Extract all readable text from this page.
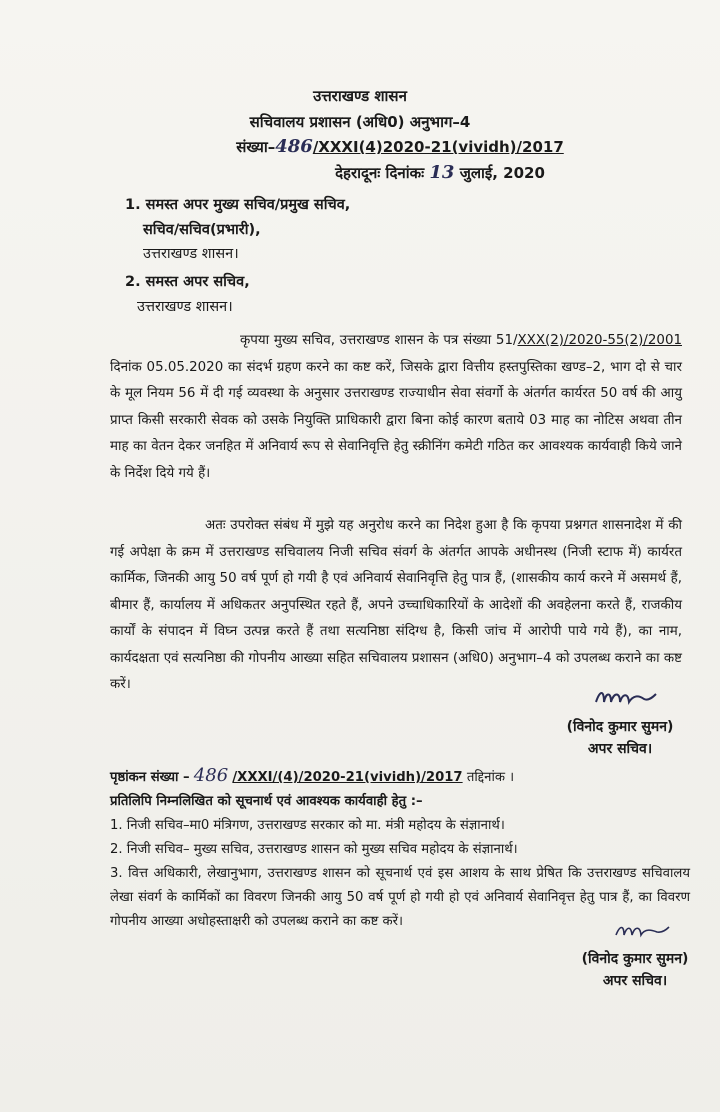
उत्तराखण्ड शासन
सचिवालय प्रशासन (अधि0) अनुभाग–4
संख्या–486/XXXI(4)2020-21(vividh)/2017
देहरादूनः दिनांकः 13 जुलाई, 2020
1. समस्त अपर मुख्य सचिव/प्रमुख सचिव,
सचिव/सचिव(प्रभारी),
उत्तराखण्ड शासन।
2. समस्त अपर सचिव,
उत्तराखण्ड शासन।
कृपया मुख्य सचिव, उत्तराखण्ड शासन के पत्र संख्या 51/XXX(2)/2020-55(2)/2001 दिनांक 05.05.2020 का संदर्भ ग्रहण करने का कष्ट करें, जिसके द्वारा वित्तीय हस्तपुस्तिका खण्ड–2, भाग दो से चार के मूल नियम 56 में दी गई व्यवस्था के अनुसार उत्तराखण्ड राज्याधीन सेवा संवर्गो के अंतर्गत कार्यरत 50 वर्ष की आयु प्राप्त किसी सरकारी सेवक को उसके नियुक्ति प्राधिकारी द्वारा बिना कोई कारण बताये 03 माह का नोटिस अथवा तीन माह का वेतन देकर जनहित में अनिवार्य रूप से सेवानिवृत्ति हेतु स्क्रीनिंग कमेटी गठित कर आवश्यक कार्यवाही किये जाने के निर्देश दिये गये हैं।
अतः उपरोक्त संबंध में मुझे यह अनुरोध करने का निदेश हुआ है कि कृपया प्रश्नगत शासनादेश में की गई अपेक्षा के क्रम में उत्तराखण्ड सचिवालय निजी सचिव संवर्ग के अंतर्गत आपके अधीनस्थ (निजी स्टाफ में) कार्यरत कार्मिक, जिनकी आयु 50 वर्ष पूर्ण हो गयी है एवं अनिवार्य सेवानिवृत्ति हेतु पात्र हैं, (शासकीय कार्य करने में असमर्थ हैं, बीमार हैं, कार्यालय में अधिकतर अनुपस्थित रहते हैं, अपने उच्चाधिकारियों के आदेशों की अवहेलना करते हैं, राजकीय कार्यों के संपादन में विघ्न उत्पन्न करते हैं तथा सत्यनिष्ठा संदिग्ध है, किसी जांच में आरोपी पाये गये हैं), का नाम, कार्यदक्षता एवं सत्यनिष्ठा की गोपनीय आख्या सहित सचिवालय प्रशासन (अधि0) अनुभाग–4 को उपलब्ध कराने का कष्ट करें।
(विनोद कुमार सुमन)
अपर सचिव।
पृष्ठांकन संख्या – 486 /XXXI/(4)/2020-21(vividh)/2017 तद्दिनांक ।
प्रतिलिपि निम्नलिखित को सूचनार्थ एवं आवश्यक कार्यवाही हेतु :–
1. निजी सचिव–मा0 मंत्रिगण, उत्तराखण्ड सरकार को मा. मंत्री महोदय के संज्ञानार्थ।
2. निजी सचिव– मुख्य सचिव, उत्तराखण्ड शासन को मुख्य सचिव महोदय के संज्ञानार्थ।
3. वित्त अधिकारी, लेखानुभाग, उत्तराखण्ड शासन को सूचनार्थ एवं इस आशय के साथ प्रेषित कि उत्तराखण्ड सचिवालय लेखा संवर्ग के कार्मिकों का विवरण जिनकी आयु 50 वर्ष पूर्ण हो गयी हो एवं अनिवार्य सेवानिवृत्त हेतु पात्र हैं, का विवरण गोपनीय आख्या अधोहस्ताक्षरी को उपलब्ध कराने का कष्ट करें।
(विनोद कुमार सुमन)
अपर सचिव।
